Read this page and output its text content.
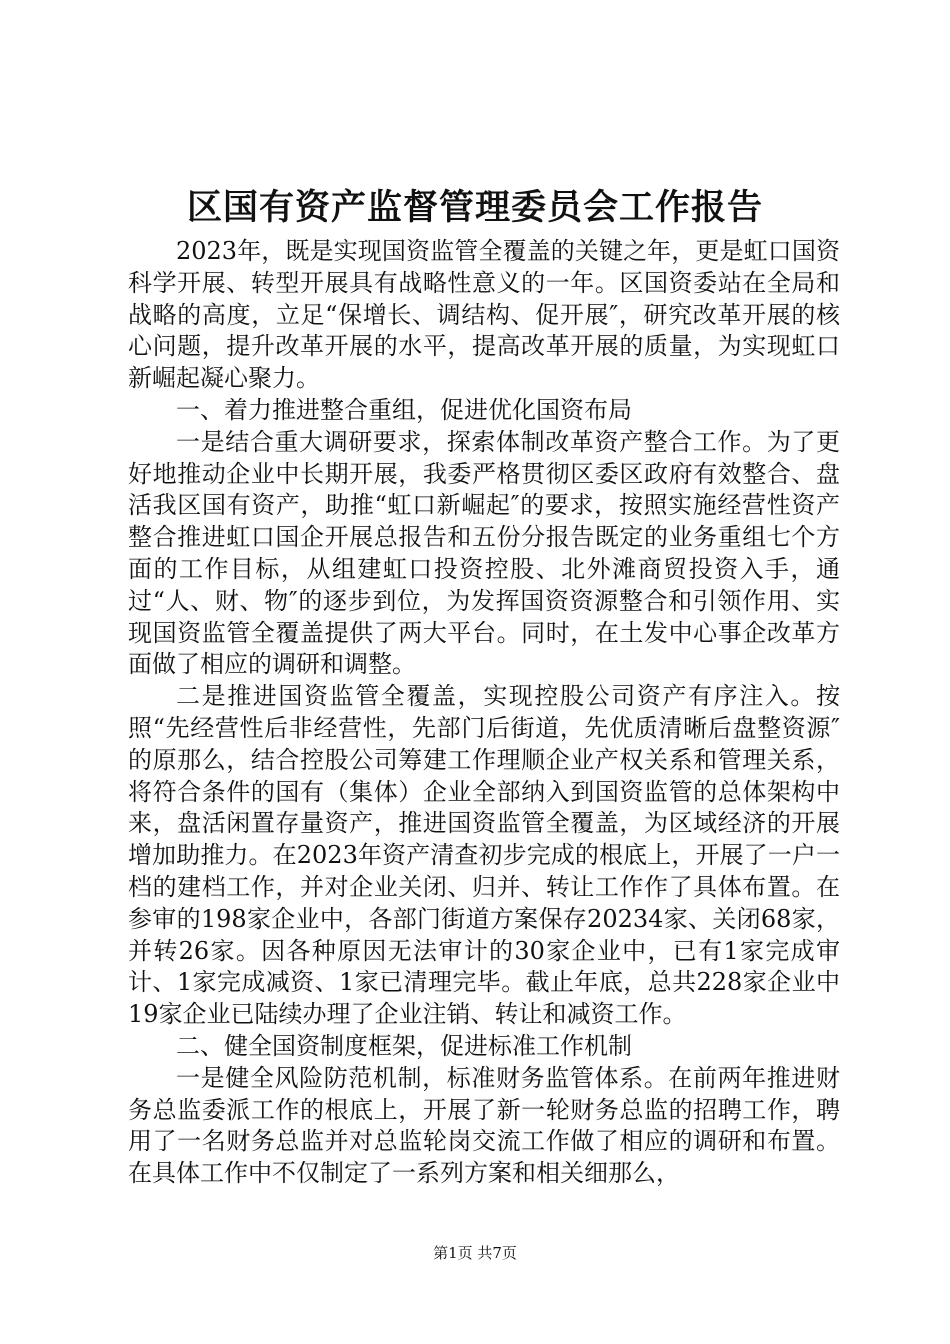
区国有资产监督管理委员会工作报告

2023年，既是实现国资监管全覆盖的关键之年，更是虹口国资科学开展、转型开展具有战略性意义的一年。区国资委站在全局和战略的高度，立足“保增长、调结构、促开展″，研究改革开展的核心问题，提升改革开展的水平，提高改革开展的质量，为实现虹口新崛起凝心聚力。

一、着力推进整合重组，促进优化国资布局

一是结合重大调研要求，探索体制改革资产整合工作。为了更好地推动企业中长期开展，我委严格贯彻区委区政府有效整合、盘活我区国有资产，助推“虹口新崛起″的要求，按照实施经营性资产整合推进虹口国企开展总报告和五份分报告既定的业务重组七个方面的工作目标，从组建虹口投资控股、北外滩商贸投资入手，通过“人、财、物″的逐步到位，为发挥国资资源整合和引领作用、实现国资监管全覆盖提供了两大平台。同时，在土发中心事企改革方面做了相应的调研和调整。

二是推进国资监管全覆盖，实现控股公司资产有序注入。按照“先经营性后非经营性，先部门后街道，先优质清晰后盘整资源″的原那么，结合控股公司筹建工作理顺企业产权关系和管理关系，将符合条件的国有（集体）企业全部纳入到国资监管的总体架构中来，盘活闲置存量资产，推进国资监管全覆盖，为区域经济的开展增加助推力。在2023年资产清查初步完成的根底上，开展了一户一档的建档工作，并对企业关闭、归并、转让工作作了具体布置。在参审的198家企业中，各部门街道方案保存20234家、关闭68家，并转26家。因各种原因无法审计的30家企业中，已有1家完成审计、1家完成减资、1家已清理完毕。截止年底，总共228家企业中19家企业已陆续办理了企业注销、转让和减资工作。

二、健全国资制度框架，促进标准工作机制

一是健全风险防范机制，标准财务监管体系。在前两年推进财务总监委派工作的根底上，开展了新一轮财务总监的招聘工作，聘用了一名财务总监并对总监轮岗交流工作做了相应的调研和布置。在具体工作中不仅制定了一系列方案和相关细那么，

第1页 共7页
